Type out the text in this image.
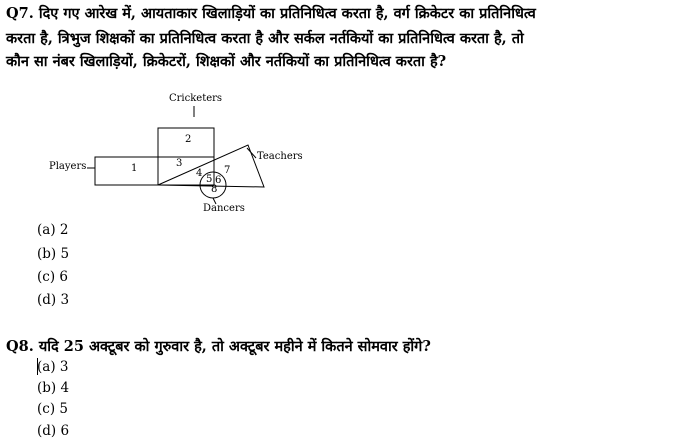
Q7. दिए गए आरेख में, आयताकार खिलाड़ियों का प्रतिनिधित्व करता है, वर्ग क्रिकेटर का प्रतिनिधित्व
करता है, त्रिभुज शिक्षकों का प्रतिनिधित्व करता है और सर्कल नर्तकियों का प्रतिनिधित्व करता है, तो
कौन सा नंबर खिलाड़ियों, क्रिकेटरों, शिक्षकों और नर्तकियों का प्रतिनिधित्व करता है?
Cricketers
Players
Teachers
Dancers
1
2
3
4
5 6
7
8
(a) 2
(b) 5
(c) 6
(d) 3
Q8. यदि 25 अक्टूबर को गुरुवार है, तो अक्टूबर महीने में कितने सोमवार होंगे?
(a) 3
(b) 4
(c) 5
(d) 6
